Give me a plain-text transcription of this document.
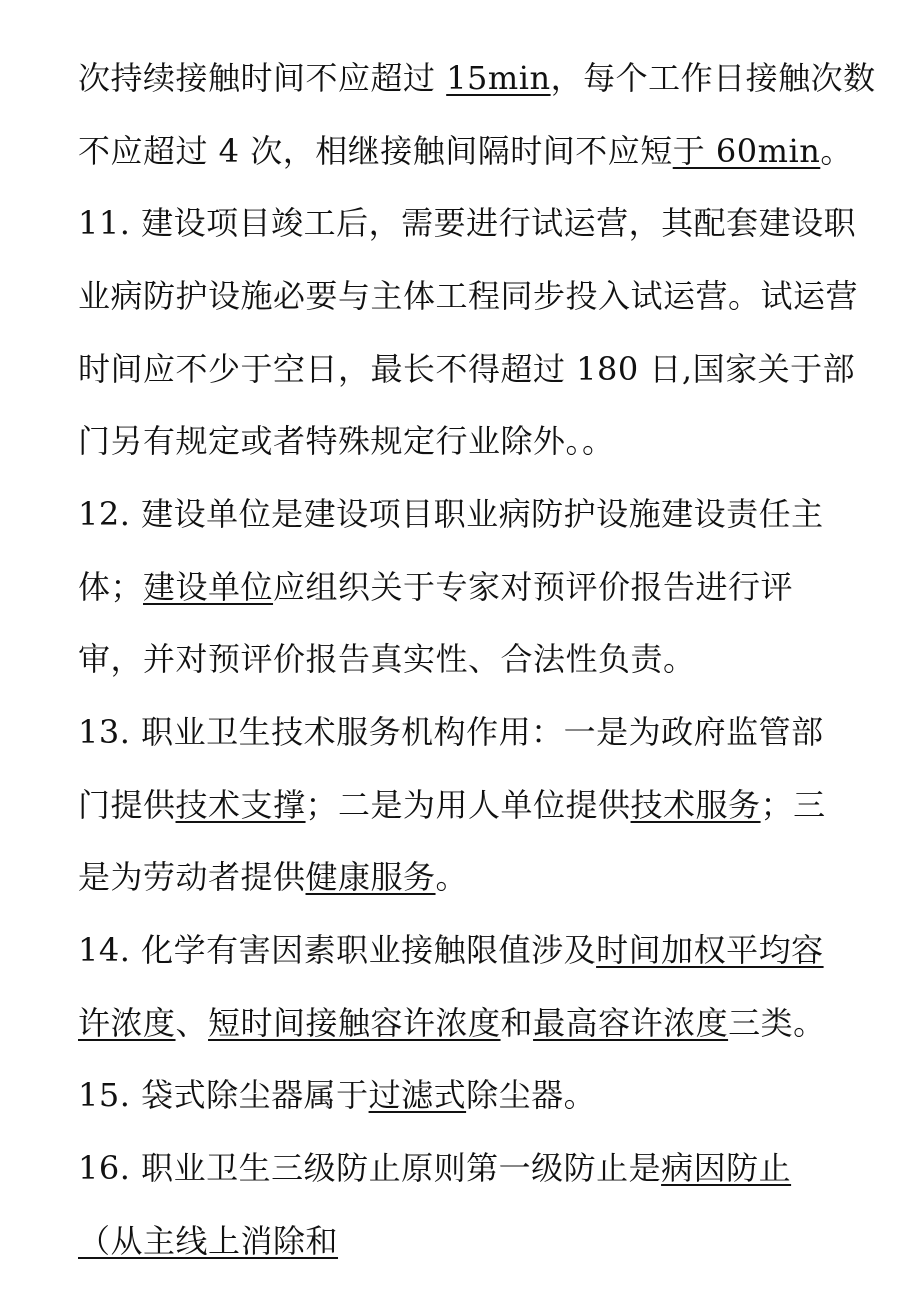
次持续接触时间不应超过 15min，每个工作日接触次数
不应超过 4 次，相继接触间隔时间不应短于 60min。
11. 建设项目竣工后，需要进行试运营，其配套建设职
业病防护设施必要与主体工程同步投入试运营。试运营
时间应不少于空日，最长不得超过 180 日,国家关于部
门另有规定或者特殊规定行业除外。。
12. 建设单位是建设项目职业病防护设施建设责任主
体；建设单位应组织关于专家对预评价报告进行评
审，并对预评价报告真实性、合法性负责。
13. 职业卫生技术服务机构作用：一是为政府监管部
门提供技术支撑；二是为用人单位提供技术服务；三
是为劳动者提供健康服务。
14. 化学有害因素职业接触限值涉及时间加权平均容
许浓度、短时间接触容许浓度和最高容许浓度三类。
15. 袋式除尘器属于过滤式除尘器。
16. 职业卫生三级防止原则第一级防止是病因防止
（从主线上消除和
